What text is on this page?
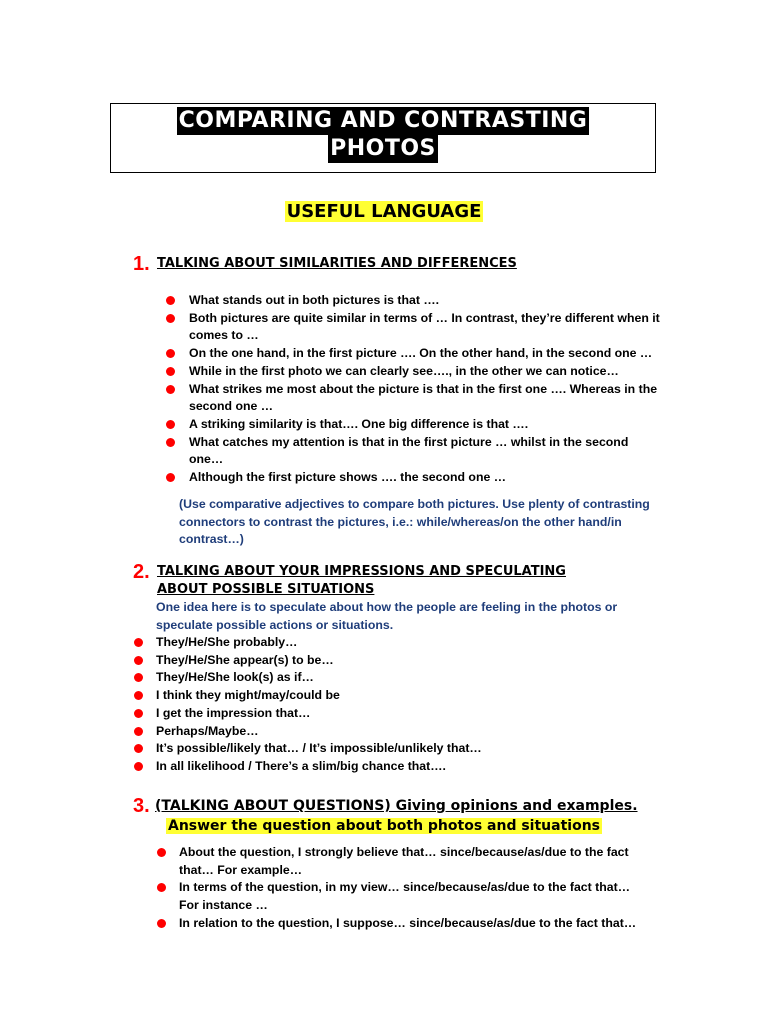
COMPARING AND CONTRASTING
PHOTOS
USEFUL LANGUAGE
1. TALKING ABOUT SIMILARITIES AND DIFFERENCES
What stands out in both pictures is that ….
Both pictures are quite similar in terms of … In contrast, they’re different when it comes to …
On the one hand, in the first picture …. On the other hand, in the second one …
While in the first photo we can clearly see…., in the other we can notice…
What strikes me most about the picture is that in the first one …. Whereas in the second one …
A striking similarity is that…. One big difference is that ….
What catches my attention is that in the first picture … whilst in the second one…
Although the first picture shows …. the second one …
(Use comparative adjectives to compare both pictures. Use plenty of contrasting connectors to contrast the pictures, i.e.: while/whereas/on the other hand/in contrast…)
2. TALKING ABOUT YOUR IMPRESSIONS AND SPECULATING
ABOUT POSSIBLE SITUATIONS
One idea here is to speculate about how the people are feeling in the photos or speculate possible actions or situations.
They/He/She probably…
They/He/She appear(s) to be…
They/He/She look(s) as if…
I think they might/may/could be
I get the impression that…
Perhaps/Maybe…
It’s possible/likely that… / It’s impossible/unlikely that…
In all likelihood / There’s a slim/big chance that….
3. (TALKING ABOUT QUESTIONS) Giving opinions and examples.
Answer the question about both photos and situations
About the question, I strongly believe that… since/because/as/due to the fact that… For example…
In terms of the question, in my view… since/because/as/due to the fact that… For instance …
In relation to the question, I suppose… since/because/as/due to the fact that…
